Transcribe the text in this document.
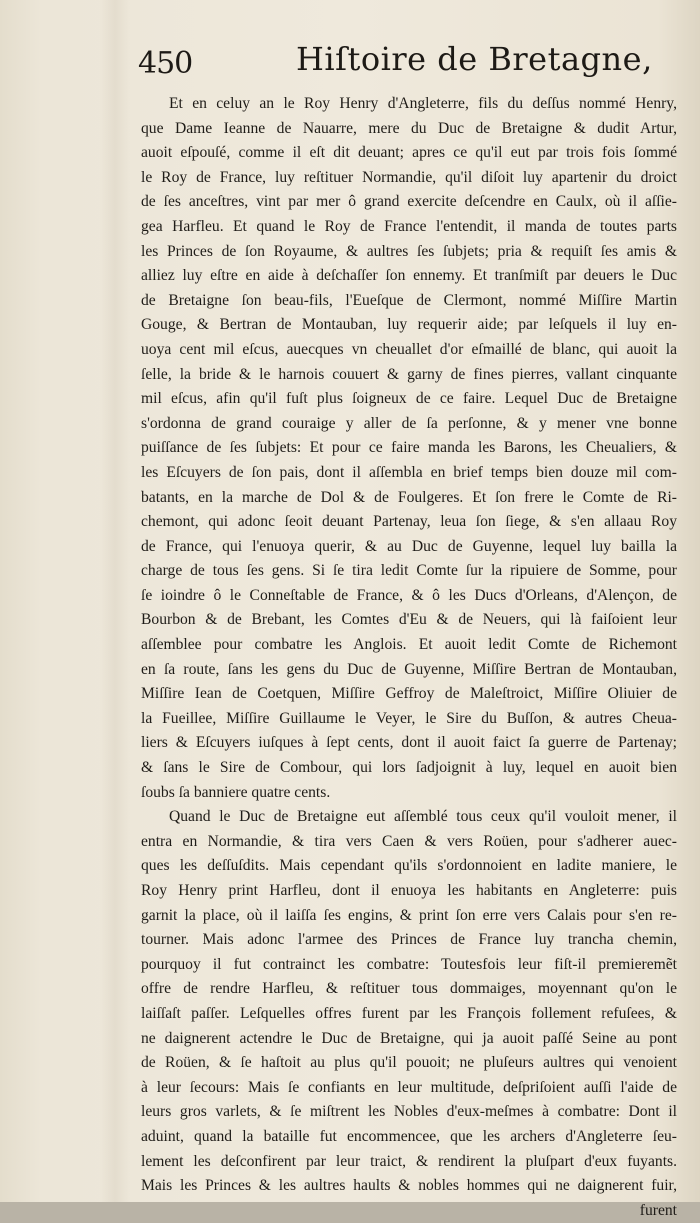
450	Hiſtoire de Bretagne,
Et en celuy an le Roy Henry d'Angleterre, fils du deſſus nommé Henry,
que Dame Ieanne de Nauarre, mere du Duc de Bretaigne & dudit Artur,
auoit eſpouſé, comme il eſt dit deuant; apres ce qu'il eut par trois fois ſommé
le Roy de France, luy reſtituer Normandie, qu'il diſoit luy apartenir du droict
de ſes anceſtres, vint par mer ô grand exercite deſcendre en Caulx, où il aſſie-
gea Harfleu. Et quand le Roy de France l'entendit, il manda de toutes parts
les Princes de ſon Royaume, & aultres ſes ſubjets; pria & requiſt ſes amis &
alliez luy eſtre en aide à deſchaſſer ſon ennemy. Et tranſmiſt par deuers le Duc
de Bretaigne ſon beau-fils, l'Eueſque de Clermont, nommé Miſſire Martin
Gouge, & Bertran de Montauban, luy requerir aide; par leſquels il luy en-
uoya cent mil eſcus, auecques vn cheuallet d'or eſmaillé de blanc, qui auoit la
ſelle, la bride & le harnois couuert & garny de fines pierres, vallant cinquante
mil eſcus, afin qu'il fuſt plus ſoigneux de ce faire. Lequel Duc de Bretaigne
s'ordonna de grand couraige y aller de ſa perſonne, & y mener vne bonne
puiſſance de ſes ſubjets: Et pour ce faire manda les Barons, les Cheualiers, &
les Eſcuyers de ſon pais, dont il aſſembla en brief temps bien douze mil com-
batants, en la marche de Dol & de Foulgeres. Et ſon frere le Comte de Ri-
chemont, qui adonc ſeoit deuant Partenay, leua ſon ſiege, & s'en allaau Roy
de France, qui l'enuoya querir, & au Duc de Guyenne, lequel luy bailla la
charge de tous ſes gens. Si ſe tira ledit Comte ſur la ripuiere de Somme, pour
ſe ioindre ô le Conneſtable de France, & ô les Ducs d'Orleans, d'Alençon, de
Bourbon & de Brebant, les Comtes d'Eu & de Neuers, qui là faiſoient leur
aſſemblee pour combatre les Anglois. Et auoit ledit Comte de Richemont
en ſa route, ſans les gens du Duc de Guyenne, Miſſire Bertran de Montauban,
Miſſire Iean de Coetquen, Miſſire Geffroy de Maleſtroict, Miſſire Oliuier de
la Fueillee, Miſſire Guillaume le Veyer, le Sire du Buſſon, & autres Cheua-
liers & Eſcuyers iuſques à ſept cents, dont il auoit faict ſa guerre de Partenay;
& ſans le Sire de Combour, qui lors ſadjoignit à luy, lequel en auoit bien
ſoubs ſa banniere quatre cents.
Quand le Duc de Bretaigne eut aſſemblé tous ceux qu'il vouloit mener, il
entra en Normandie, & tira vers Caen & vers Roüen, pour s'adherer auec-
ques les deſſuſdits. Mais cependant qu'ils s'ordonnoient en ladite maniere, le
Roy Henry print Harfleu, dont il enuoya les habitants en Angleterre: puis
garnit la place, où il laiſſa ſes engins, & print ſon erre vers Calais pour s'en re-
tourner. Mais adonc l'armee des Princes de France luy trancha chemin,
pourquoy il fut contrainct les combatre: Toutesfois leur fiſt-il premieremẽt
offre de rendre Harfleu, & reſtituer tous dommaiges, moyennant qu'on le
laiſſaſt paſſer. Leſquelles offres furent par les François follement refuſees, &
ne daignerent actendre le Duc de Bretaigne, qui ja auoit paſſé Seine au pont
de Roüen, & ſe haſtoit au plus qu'il pouoit; ne pluſeurs aultres qui venoient
à leur ſecours: Mais ſe confiants en leur multitude, deſpriſoient auſſi l'aide de
leurs gros varlets, & ſe miſtrent les Nobles d'eux-meſmes à combatre: Dont il
aduint, quand la bataille fut encommencee, que les archers d'Angleterre ſeu-
lement les deſconfirent par leur traict, & rendirent la pluſpart d'eux fuyants.
Mais les Princes & les aultres haults & nobles hommes qui ne daignerent fuir,
furent
